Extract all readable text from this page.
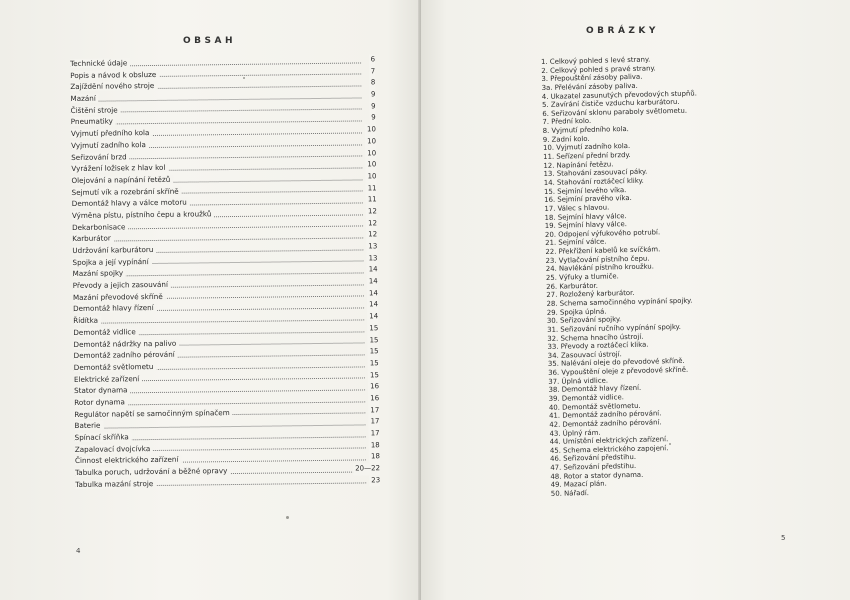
OBSAH
Technické údaje	6
Popis a návod k obsluze	7
Zajíždění nového stroje	8
Mazání	9
Čištění stroje	9
Pneumatiky	9
Vyjmutí předního kola	10
Vyjmutí zadního kola	10
Seřizování brzd	10
Vyrážení ložisek z hlav kol	10
Olejování a napínání řetězů	10
Sejmutí vík a rozebrání skříně	11
Demontáž hlavy a válce motoru	11
Výměna pístu, pístního čepu a kroužků	12
Dekarbonisace	12
Karburátor	12
Udržování karburátoru	13
Spojka a její vypínání	13
Mazání spojky	14
Převody a jejich zasouvání	14
Mazání převodové skříně	14
Demontáž hlavy řízení	14
Řídítka	14
Demontáž vidlice	15
Demontáž nádržky na palivo	15
Demontáž zadního pérování	15
Demontáž světlometu	15
Elektrické zařízení	15
Stator dynama	16
Rotor dynama	16
Regulátor napětí se samočinným spínačem	17
Baterie	17
Spínací skříňka	17
Zapalovací dvojcívka	18
Činnost elektrického zařízení	18
Tabulka poruch, udržování a běžné opravy	20—22
Tabulka mazání stroje	23
4
OBRÁZKY
1. Celkový pohled s levé strany.
2. Celkový pohled s pravé strany.
3. Přepouštění zásoby paliva.
3a. Přelévání zásoby paliva.
4. Ukazatel zasunutých převodových stupňů.
5. Zavírání čističe vzduchu karburátoru.
6. Seřizování sklonu paraboly světlometu.
7. Přední kolo.
8. Vyjmutí předního kola.
9. Zadní kolo.
10. Vyjmutí zadního kola.
11. Seřízení přední brzdy.
12. Napínání řetězu.
13. Stahování zasouvací páky.
14. Stahování roztáčecí kliky.
15. Sejmíní levého víka.
16. Sejmíní pravého víka.
17. Válec s hlavou.
18. Sejmíní hlavy válce.
19. Sejmíní hlavy válce.
20. Odpojení výfukového potrubí.
21. Sejmíní válce.
22. Překřížení kabelů ke svíčkám.
23. Vytlačování pístního čepu.
24. Navlékání pístního kroužku.
25. Výfuky a tlumiče.
26. Karburátor.
27. Rozložený karburátor.
28. Schema samočinného vypínání spojky.
29. Spojka úplná.
30. Seřizování spojky.
31. Seřizování ručního vypínání spojky.
32. Schema hnacího ústrojí.
33. Převody a roztáčecí klika.
34. Zasouvací ústrojí.
35. Nalévání oleje do převodové skříně.
36. Vypouštění oleje z převodové skříně.
37. Úplná vidlice.
38. Demontáž hlavy řízení.
39. Demontáž vidlice.
40. Demontáž světlometu.
41. Demontáž zadního pérování.
42. Demontáž zadního pérování.
43. Úplný rám.
44. Umístění elektrických zařízení.
45. Schema elektrického zapojení.
46. Seřizování předstihu.
47. Seřizování předstihu.
48. Rotor a stator dynama.
49. Mazací plán.
50. Nářadí.
5
